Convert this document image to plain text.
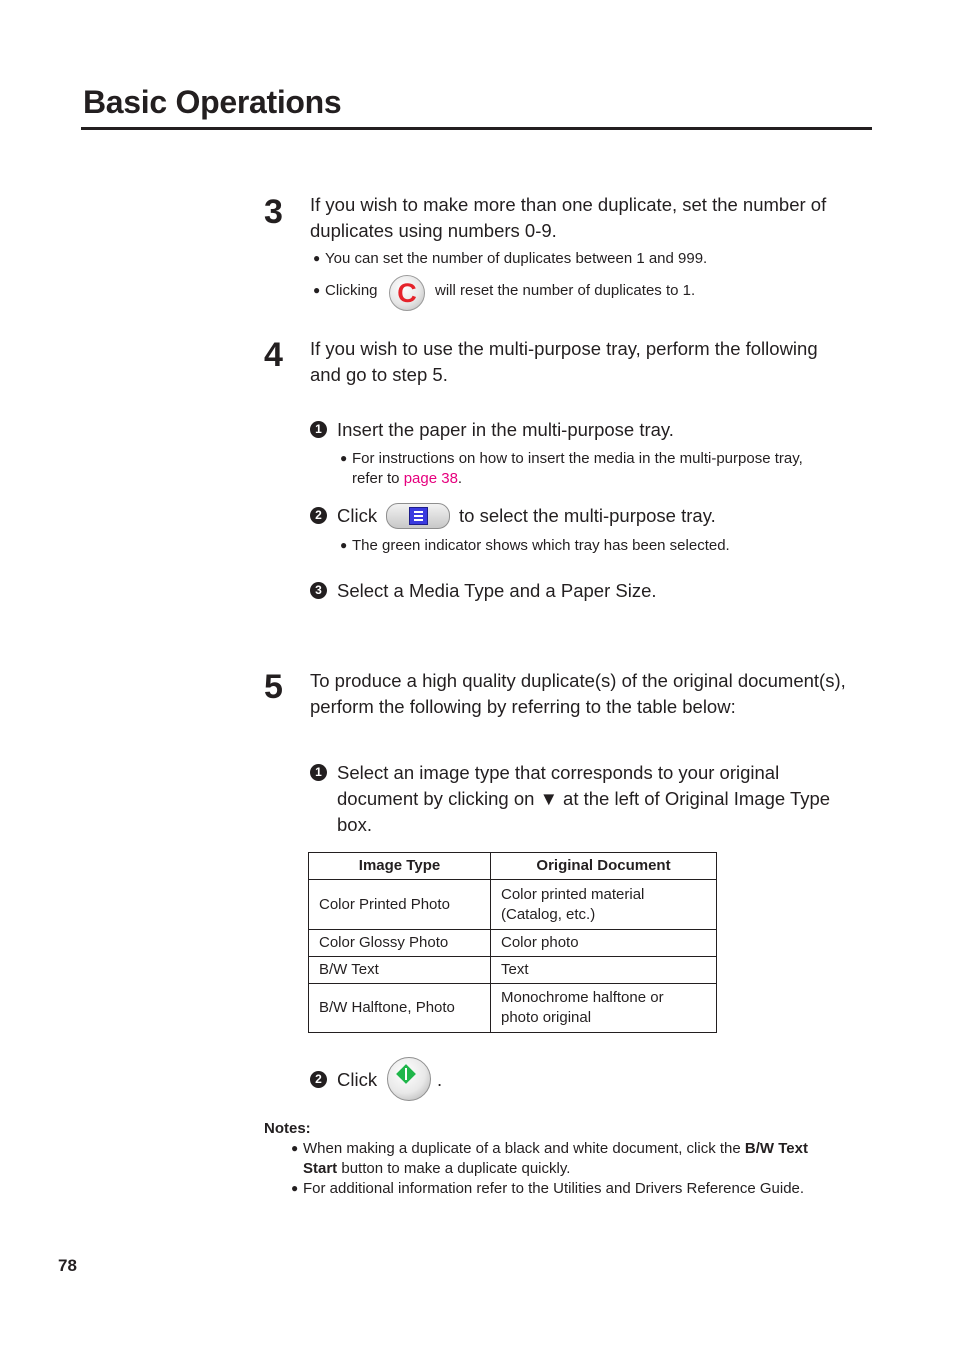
Basic Operations
3 If you wish to make more than one duplicate, set the number of
duplicates using numbers 0-9.
● You can set the number of duplicates between 1 and 999.
● Clicking C	will reset the number of duplicates to 1.
4 If you wish to use the multi-purpose tray, perform the following
and go to step 5.
1 Insert the paper in the multi-purpose tray.
● For instructions on how to insert the media in the multi-purpose tray,
refer to page 38.
2 Click	to select the multi-purpose tray.
● The green indicator shows which tray has been selected.
3 Select a Media Type and a Paper Size.
5 To produce a high quality duplicate(s) of the original document(s),
perform the following by referring to the table below:
1 Select an image type that corresponds to your original
document by clicking on ▼ at the left of Original Image Type
box.
Image Type	Original Document
Color Printed Photo	Color printed material
(Catalog, etc.)

Color Glossy Photo	Color photo
B/W Text	Text
B/W Halftone, Photo	Monochrome halftone or
photo original
2 Click	.
Notes:
● When making a duplicate of a black and white document, click the B/W Text
Start button to make a duplicate quickly.
● For additional information refer to the Utilities and Drivers Reference Guide.
78
